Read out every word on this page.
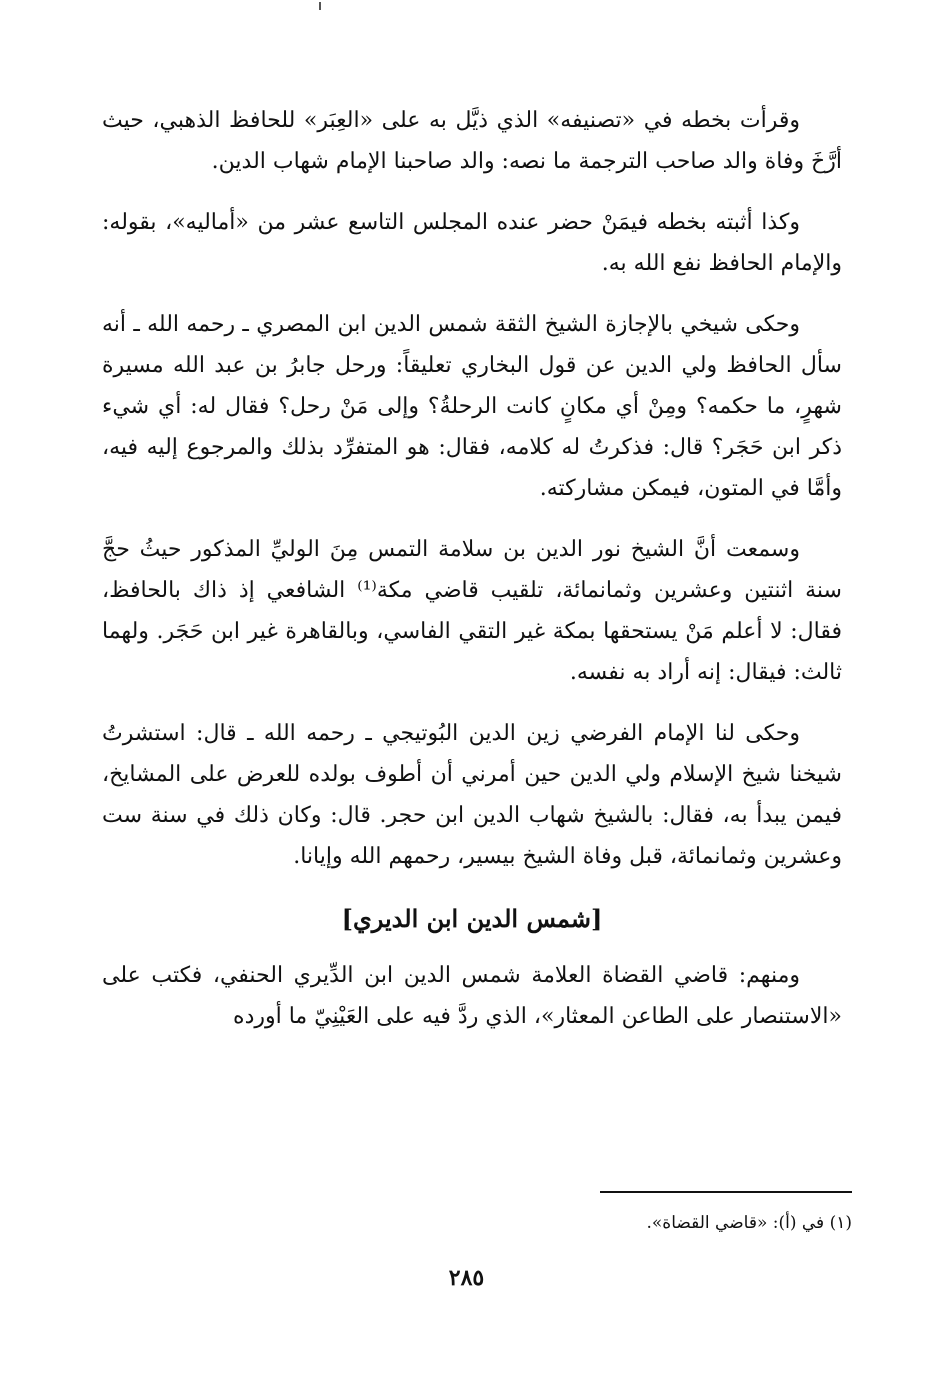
وقرأت بخطه في «تصنيفه» الذي ذيَّل به على «العِبَر» للحافظ الذهبي، حيث أرَّخَ وفاة والد صاحب الترجمة ما نصه: والد صاحبنا الإمام شهاب الدين.

وكذا أثبته بخطه فيمَنْ حضر عنده المجلس التاسع عشر من «أماليه»، بقوله: والإمام الحافظ نفع الله به.

وحكى شيخي بالإجازة الشيخ الثقة شمس الدين ابن المصري ـ رحمه الله ـ أنه سأل الحافظ ولي الدين عن قول البخاري تعليقاً: ورحل جابرُ بن عبد الله مسيرة شهرٍ، ما حكمه؟ ومِنْ أي مكانٍ كانت الرحلةُ؟ وإلى مَنْ رحل؟ فقال له: أي شيء ذكر ابن حَجَر؟ قال: فذكرتُ له كلامه، فقال: هو المتفرِّد بذلك والمرجوع إليه فيه، وأمَّا في المتون، فيمكن مشاركته.

وسمعت أنَّ الشيخ نور الدين بن سلامة التمس مِنَ الوليِّ المذكور حيثُ حجَّ سنة اثنتين وعشرين وثمانمائة، تلقيب قاضي مكة⁽¹⁾ الشافعي إذ ذاك بالحافظ، فقال: لا أعلم مَنْ يستحقها بمكة غير التقي الفاسي، وبالقاهرة غير ابن حَجَر. ولهما ثالث: فيقال: إنه أراد به نفسه.

وحكى لنا الإمام الفرضي زين الدين البُوتيجي ـ رحمه الله ـ قال: استشرتُ شيخنا شيخ الإسلام ولي الدين حين أمرني أن أطوف بولده للعرض على المشايخ، فيمن يبدأ به، فقال: بالشيخ شهاب الدين ابن حجر. قال: وكان ذلك في سنة ست وعشرين وثمانمائة، قبل وفاة الشيخ بيسير، رحمهم الله وإيانا.

[شمس الدين ابن الديري]

ومنهم: قاضي القضاة العلامة شمس الدين ابن الدِّيري الحنفي، فكتب على «الاستنصار على الطاعن المعثار»، الذي ردَّ فيه على العَيْنِيّ ما أورده

(١) في (أ): «قاضي القضاة».
٢٨٥
